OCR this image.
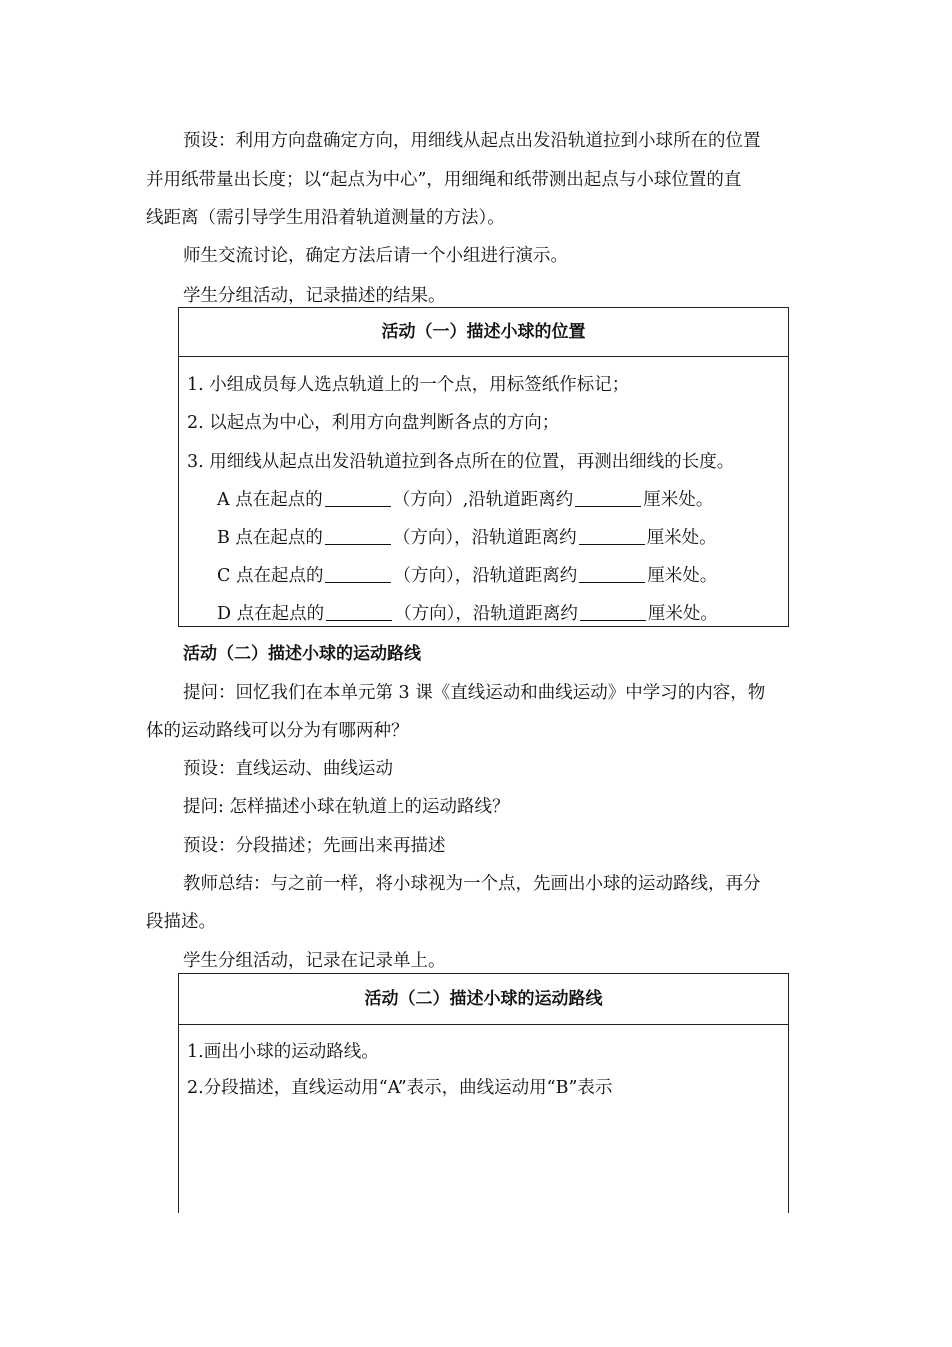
预设：利用方向盘确定方向，用细线从起点出发沿轨道拉到小球所在的位置
并用纸带量出长度；以“起点为中心”，用细绳和纸带测出起点与小球位置的直
线距离（需引导学生用沿着轨道测量的方法）。
师生交流讨论，确定方法后请一个小组进行演示。
学生分组活动，记录描述的结果。
活动（一）描述小球的位置
1. 小组成员每人选点轨道上的一个点，用标签纸作标记；
2. 以起点为中心，利用方向盘判断各点的方向；
3. 用细线从起点出发沿轨道拉到各点所在的位置，再测出细线的长度。
A 点在起点的	（方向）,沿轨道距离约	厘米处。
B 点在起点的	（方向），沿轨道距离约	厘米处。
C 点在起点的	（方向），沿轨道距离约	厘米处。
D 点在起点的	（方向），沿轨道距离约	厘米处。
活动（二）描述小球的运动路线
提问：回忆我们在本单元第 3 课《直线运动和曲线运动》中学习的内容，物
体的运动路线可以分为有哪两种？
预设：直线运动、曲线运动
提问: 怎样描述小球在轨道上的运动路线？
预设：分段描述；先画出来再描述
教师总结：与之前一样，将小球视为一个点，先画出小球的运动路线，再分
段描述。
学生分组活动，记录在记录单上。
活动（二）描述小球的运动路线
1.画出小球的运动路线。
2.分段描述，直线运动用“A”表示，曲线运动用“B”表示
